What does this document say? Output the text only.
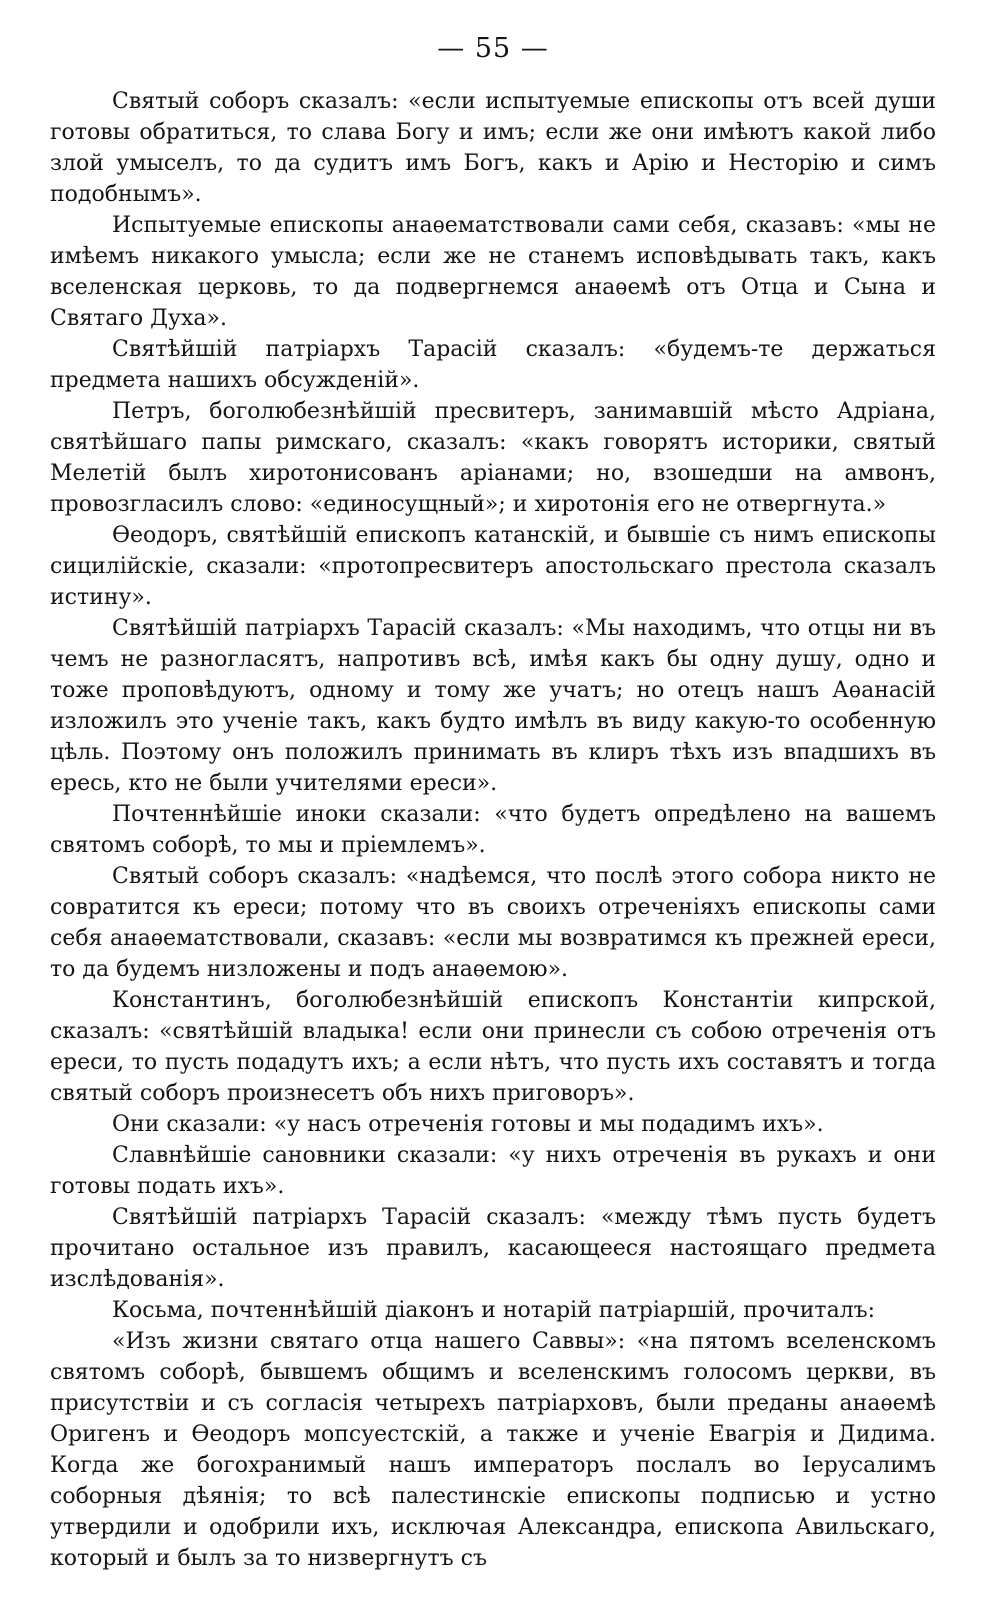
— 55 —

Святый соборъ сказалъ: «если испытуемые епископы отъ всей души готовы обратиться, то слава Богу и имъ; если же они имѣютъ какой либо злой умыселъ, то да судитъ имъ Богъ, какъ и Арію и Несторію и симъ подобнымъ».

Испытуемые епископы анаѳематствовали сами себя, сказавъ: «мы не имѣемъ никакого умысла; если же не станемъ исповѣдывать такъ, какъ вселенская церковь, то да подвергнемся анаѳемѣ отъ Отца и Сына и Святаго Духа».

Святѣйшій патріархъ Тарасій сказалъ: «будемъ-те держаться предмета нашихъ обсужденій».

Петръ, боголюбезнѣйшій пресвитеръ, занимавшій мѣсто Адріана, святѣйшаго папы римскаго, сказалъ: «какъ говорятъ историки, святый Мелетій былъ хиротонисованъ аріанами; но, взошедши на амвонъ, провозгласилъ слово: «единосущный»; и хиротонія его не отвергнута.»

Ѳеодоръ, святѣйшій епископъ катанскій, и бывшіе съ нимъ епископы сицилійскіе, сказали: «протопресвитеръ апостольскаго престола сказалъ истину».

Святѣйшій патріархъ Тарасій сказалъ: «Мы находимъ, что отцы ни въ чемъ не разногласятъ, напротивъ всѣ, имѣя какъ бы одну душу, одно и тоже проповѣдуютъ, одному и тому же учатъ; но отецъ нашъ Аѳанасій изложилъ это ученіе такъ, какъ будто имѣлъ въ виду какую-то особенную цѣль. Поэтому онъ положилъ принимать въ клиръ тѣхъ изъ впадшихъ въ ересь, кто не были учителями ереси».

Почтеннѣйшіе иноки сказали: «что будетъ опредѣлено на вашемъ святомъ соборѣ, то мы и пріемлемъ».

Святый соборъ сказалъ: «надѣемся, что послѣ этого собора никто не совратится къ ереси; потому что въ своихъ отреченіяхъ епископы сами себя анаѳематствовали, сказавъ: «если мы возвратимся къ прежней ереси, то да будемъ низложены и подъ анаѳемою».

Константинъ, боголюбезнѣйшій епископъ Константіи кипрской, сказалъ: «святѣйшій владыка! если они принесли съ собою отреченія отъ ереси, то пусть подадутъ ихъ; а если нѣтъ, что пусть ихъ составятъ и тогда святый соборъ произнесетъ объ нихъ приговоръ».

Они сказали: «у насъ отреченія готовы и мы подадимъ ихъ».

Славнѣйшіе сановники сказали: «у нихъ отреченія въ рукахъ и они готовы подать ихъ».

Святѣйшій патріархъ Тарасій сказалъ: «между тѣмъ пусть будетъ прочитано остальное изъ правилъ, касающееся настоящаго предмета изслѣдованія».

Косьма, почтеннѣйшій діаконъ и нотарій патріаршій, прочиталъ:

«Изъ жизни святаго отца нашего Саввы»: «на пятомъ вселенскомъ святомъ соборѣ, бывшемъ общимъ и вселенскимъ голосомъ церкви, въ присутствіи и съ согласія четырехъ патріарховъ, были преданы анаѳемѣ Оригенъ и Ѳеодоръ мопсуестскій, а также и ученіе Евагрія и Дидима. Когда же богохранимый нашъ императоръ послалъ во Іерусалимъ соборныя дѣянія; то всѣ палестинскіе епископы подписью и устно утвердили и одобрили ихъ, исключая Александра, епископа Авильскаго, который и былъ за то низвергнутъ съ
